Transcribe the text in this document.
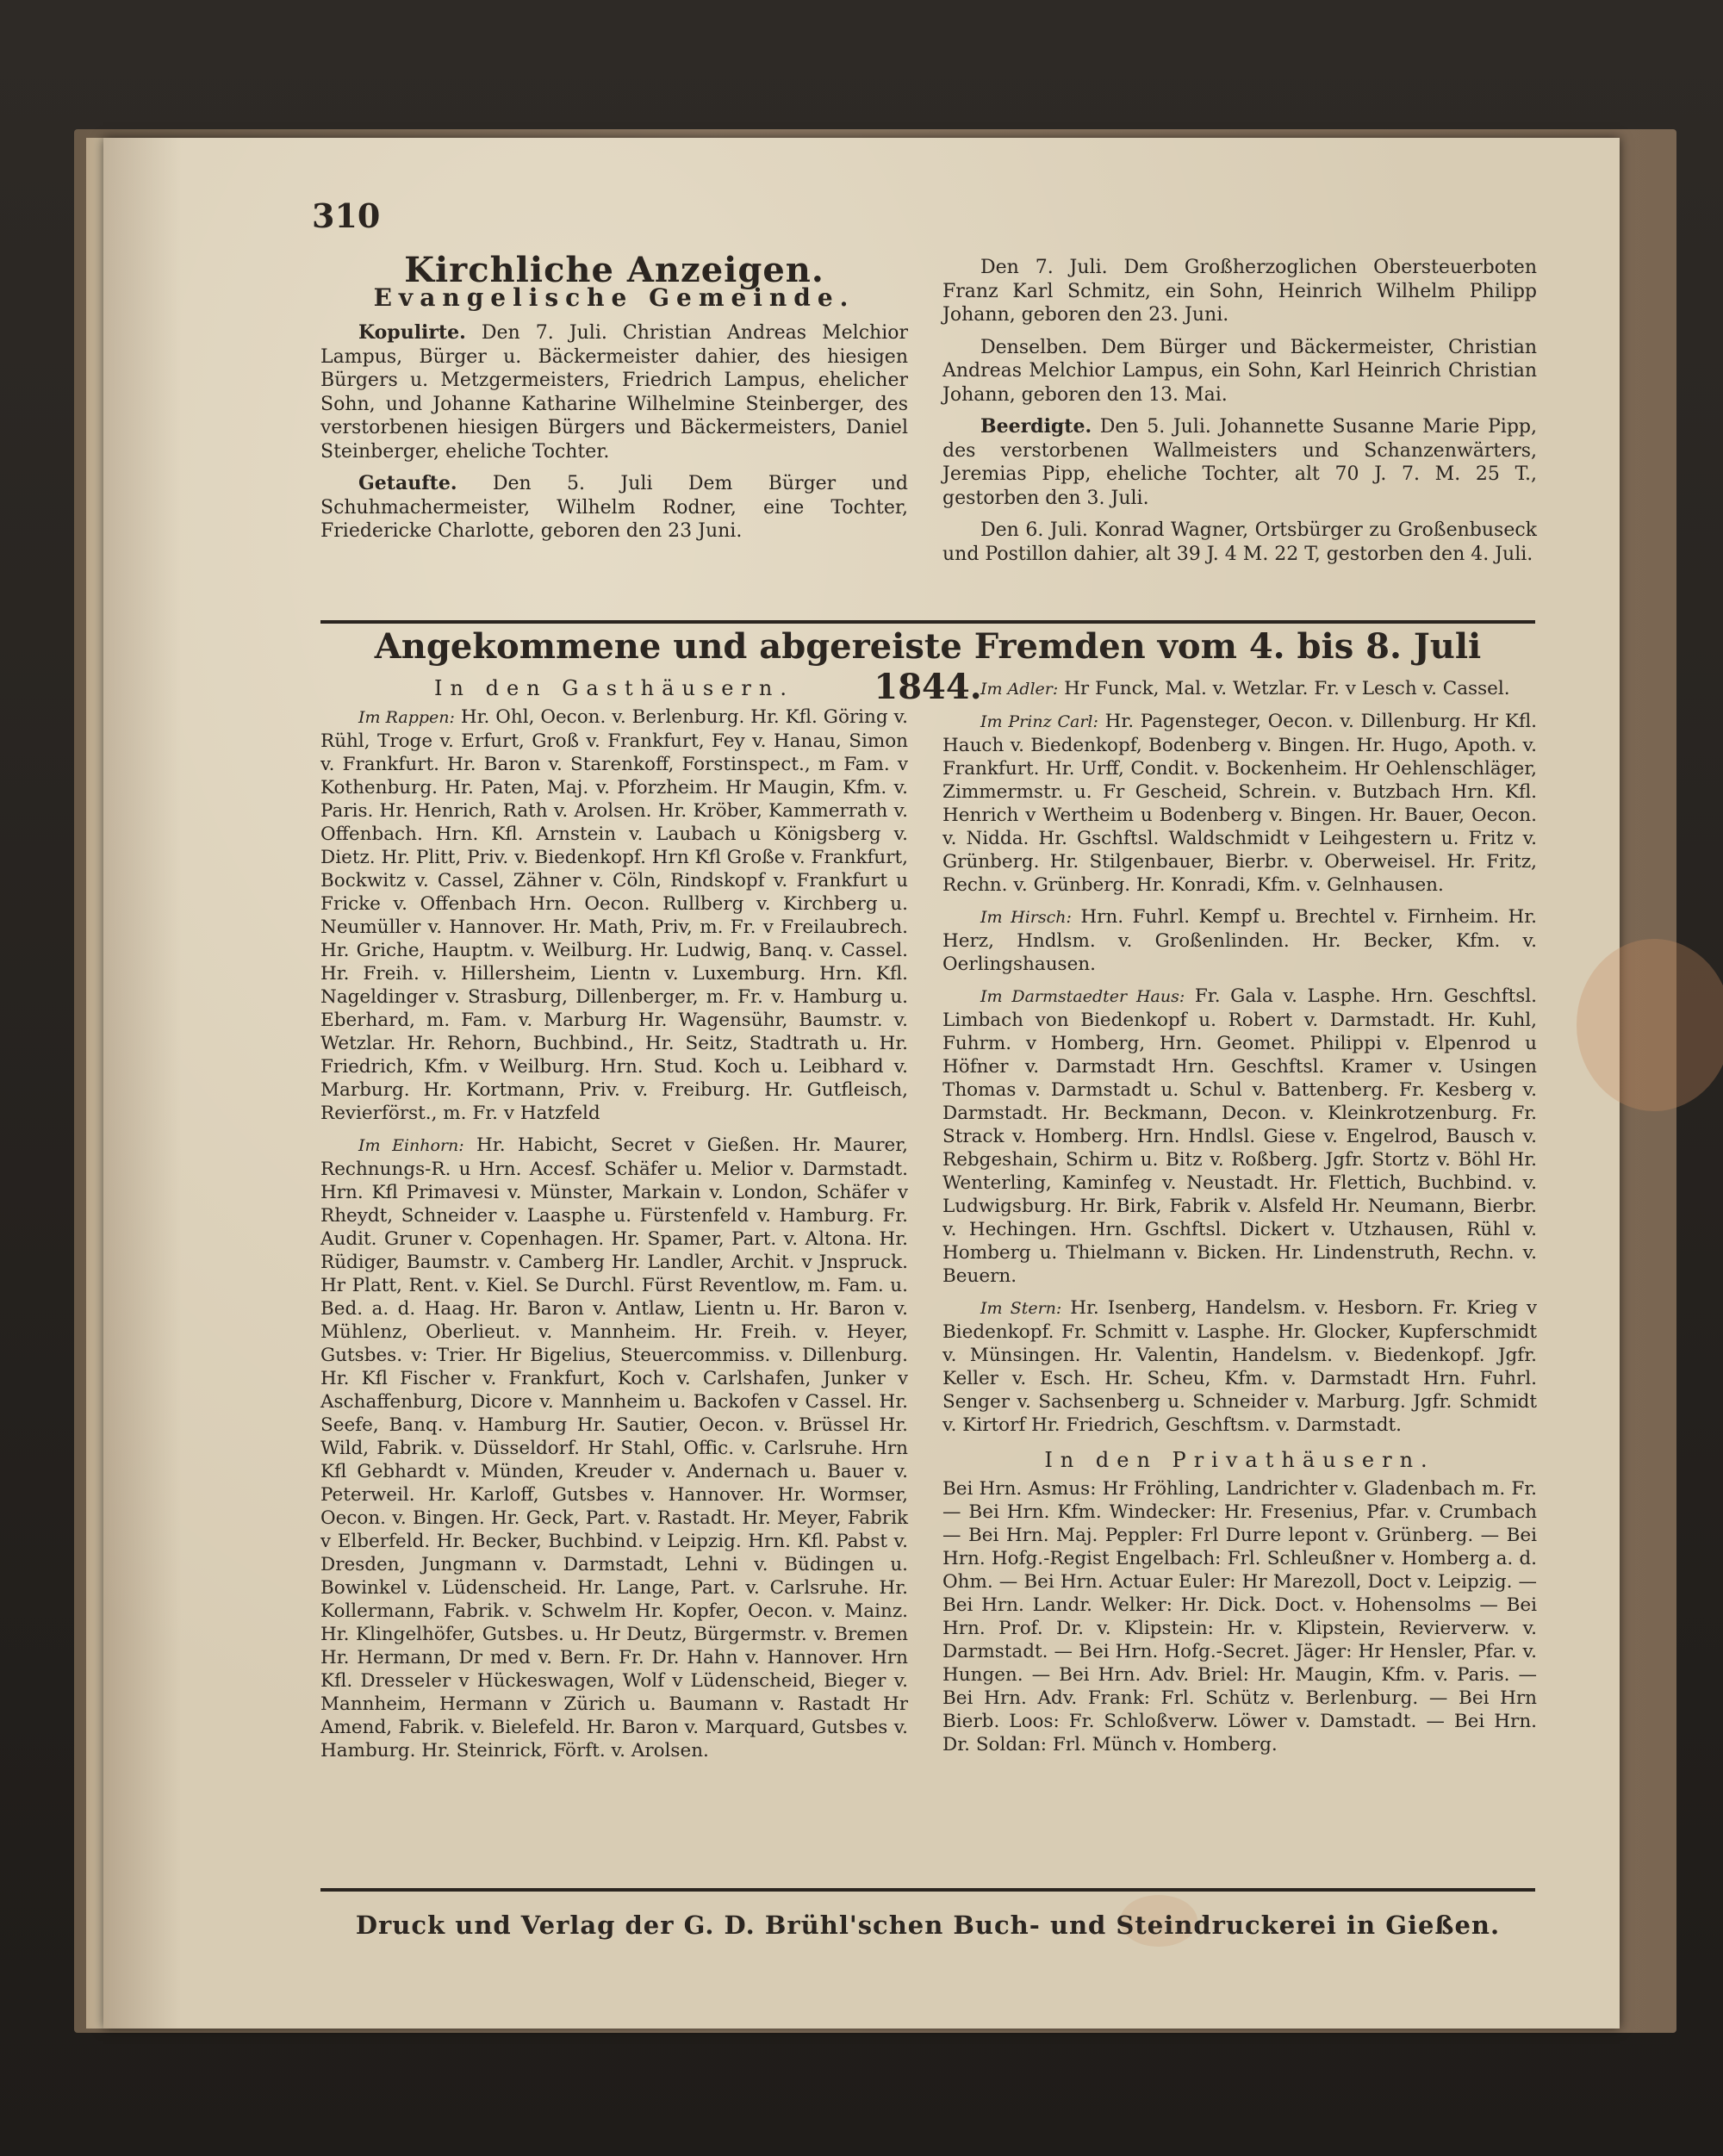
310
Kirchliche Anzeigen.
Evangelische Gemeinde.

Kopulirte. Den 7. Juli. Christian Andreas Melchior Lampus, Bürger u. Bäckermeister dahier, des hiesigen Bürgers u. Metzgermeisters, Friedrich Lampus, ehelicher Sohn, und Johanne Katharine Wilhelmine Steinberger, des verstorbenen hiesigen Bürgers und Bäckermeisters, Daniel Steinberger, eheliche Tochter.

Getaufte. Den 5. Juli Dem Bürger und Schuhmachermeister, Wilhelm Rodner, eine Tochter, Friedericke Charlotte, geboren den 23 Juni.

Den 7. Juli. Dem Großherzoglichen Obersteuerboten Franz Karl Schmitz, ein Sohn, Heinrich Wilhelm Philipp Johann, geboren den 23. Juni.

Denselben. Dem Bürger und Bäckermeister, Christian Andreas Melchior Lampus, ein Sohn, Karl Heinrich Christian Johann, geboren den 13. Mai.

Beerdigte. Den 5. Juli. Johannette Susanne Marie Pipp, des verstorbenen Wallmeisters und Schanzenwärters, Jeremias Pipp, eheliche Tochter, alt 70 J. 7. M. 25 T., gestorben den 3. Juli.

Den 6. Juli. Konrad Wagner, Ortsbürger zu Großenbuseck und Postillon dahier, alt 39 J. 4 M. 22 T, gestorben den 4. Juli.

Angekommene und abgereiste Fremden vom 4. bis 8. Juli 1844.
In den Gasthäusern.

Im Rappen: Hr. Ohl, Oecon. v. Berlenburg. Hr. Kfl. Göring v. Rühl, Troge v. Erfurt, Groß v. Frankfurt, Fey v. Hanau, Simon v. Frankfurt. Hr. Baron v. Starenkoff, Forstinspect., m Fam. v Kothenburg. Hr. Paten, Maj. v. Pforzheim. Hr Maugin, Kfm. v. Paris. Hr. Henrich, Rath v. Arolsen. Hr. Kröber, Kammerrath v. Offenbach. Hrn. Kfl. Arnstein v. Laubach u Königsberg v. Dietz. Hr. Plitt, Priv. v. Biedenkopf. Hrn Kfl Große v. Frankfurt, Bockwitz v. Cassel, Zähner v. Cöln, Rindskopf v. Frankfurt u Fricke v. Offenbach Hrn. Oecon. Rullberg v. Kirchberg u. Neumüller v. Hannover. Hr. Math, Priv, m. Fr. v Freilaubrech. Hr. Griche, Hauptm. v. Weilburg. Hr. Ludwig, Banq. v. Cassel. Hr. Freih. v. Hillersheim, Lientn v. Luxemburg. Hrn. Kfl. Nageldinger v. Strasburg, Dillenberger, m. Fr. v. Hamburg u. Eberhard, m. Fam. v. Marburg Hr. Wagensühr, Baumstr. v. Wetzlar. Hr. Rehorn, Buchbind., Hr. Seitz, Stadtrath u. Hr. Friedrich, Kfm. v Weilburg. Hrn. Stud. Koch u. Leibhard v. Marburg. Hr. Kortmann, Priv. v. Freiburg. Hr. Gutfleisch, Revierförst., m. Fr. v Hatzfeld

Im Einhorn: Hr. Habicht, Secret v Gießen. Hr. Maurer, Rechnungs-R. u Hrn. Accesf. Schäfer u. Melior v. Darmstadt. Hrn. Kfl Primavesi v. Münster, Markain v. London, Schäfer v Rheydt, Schneider v. Laasphe u. Fürstenfeld v. Hamburg. Fr. Audit. Gruner v. Copenhagen. Hr. Spamer, Part. v. Altona. Hr. Rüdiger, Baumstr. v. Camberg Hr. Landler, Archit. v Jnspruck. Hr Platt, Rent. v. Kiel. Se Durchl. Fürst Reventlow, m. Fam. u. Bed. a. d. Haag. Hr. Baron v. Antlaw, Lientn u. Hr. Baron v. Mühlenz, Oberlieut. v. Mannheim. Hr. Freih. v. Heyer, Gutsbes. v: Trier. Hr Bigelius, Steuercommiss. v. Dillenburg. Hr. Kfl Fischer v. Frankfurt, Koch v. Carlshafen, Junker v Aschaffenburg, Dicore v. Mannheim u. Backofen v Cassel. Hr. Seefe, Banq. v. Hamburg Hr. Sautier, Oecon. v. Brüssel Hr. Wild, Fabrik. v. Düsseldorf. Hr Stahl, Offic. v. Carlsruhe. Hrn Kfl Gebhardt v. Münden, Kreuder v. Andernach u. Bauer v. Peterweil. Hr. Karloff, Gutsbes v. Hannover. Hr. Wormser, Oecon. v. Bingen. Hr. Geck, Part. v. Rastadt. Hr. Meyer, Fabrik v Elberfeld. Hr. Becker, Buchbind. v Leipzig. Hrn. Kfl. Pabst v. Dresden, Jungmann v. Darmstadt, Lehni v. Büdingen u. Bowinkel v. Lüdenscheid. Hr. Lange, Part. v. Carlsruhe. Hr. Kollermann, Fabrik. v. Schwelm Hr. Kopfer, Oecon. v. Mainz. Hr. Klingelhöfer, Gutsbes. u. Hr Deutz, Bürgermstr. v. Bremen Hr. Hermann, Dr med v. Bern. Fr. Dr. Hahn v. Hannover. Hrn Kfl. Dresseler v Hückeswagen, Wolf v Lüdenscheid, Bieger v. Mannheim, Hermann v Zürich u. Baumann v. Rastadt Hr Amend, Fabrik. v. Bielefeld. Hr. Baron v. Marquard, Gutsbes v. Hamburg. Hr. Steinrick, Förft. v. Arolsen.

Im Adler: Hr Funck, Mal. v. Wetzlar. Fr. v Lesch v. Cassel.

Im Prinz Carl: Hr. Pagensteger, Oecon. v. Dillenburg. Hr Kfl. Hauch v. Biedenkopf, Bodenberg v. Bingen. Hr. Hugo, Apoth. v. Frankfurt. Hr. Urff, Condit. v. Bockenheim. Hr Oehlenschläger, Zimmermstr. u. Fr Gescheid, Schrein. v. Butzbach Hrn. Kfl. Henrich v Wertheim u Bodenberg v. Bingen. Hr. Bauer, Oecon. v. Nidda. Hr. Gschftsl. Waldschmidt v Leihgestern u. Fritz v. Grünberg. Hr. Stilgenbauer, Bierbr. v. Oberweisel. Hr. Fritz, Rechn. v. Grünberg. Hr. Konradi, Kfm. v. Gelnhausen.

Im Hirsch: Hrn. Fuhrl. Kempf u. Brechtel v. Firnheim. Hr. Herz, Hndlsm. v. Großenlinden. Hr. Becker, Kfm. v. Oerlingshausen.

Im Darmstaedter Haus: Fr. Gala v. Lasphe. Hrn. Geschftsl. Limbach von Biedenkopf u. Robert v. Darmstadt. Hr. Kuhl, Fuhrm. v Homberg, Hrn. Geomet. Philippi v. Elpenrod u Höfner v. Darmstadt Hrn. Geschftsl. Kramer v. Usingen Thomas v. Darmstadt u. Schul v. Battenberg. Fr. Kesberg v. Darmstadt. Hr. Beckmann, Decon. v. Kleinkrotzenburg. Fr. Strack v. Homberg. Hrn. Hndlsl. Giese v. Engelrod, Bausch v. Rebgeshain, Schirm u. Bitz v. Roßberg. Jgfr. Stortz v. Böhl Hr. Wenterling, Kaminfeg v. Neustadt. Hr. Flettich, Buchbind. v. Ludwigsburg. Hr. Birk, Fabrik v. Alsfeld Hr. Neumann, Bierbr. v. Hechingen. Hrn. Gschftsl. Dickert v. Utzhausen, Rühl v. Homberg u. Thielmann v. Bicken. Hr. Lindenstruth, Rechn. v. Beuern.

Im Stern: Hr. Isenberg, Handelsm. v. Hesborn. Fr. Krieg v Biedenkopf. Fr. Schmitt v. Lasphe. Hr. Glocker, Kupferschmidt v. Münsingen. Hr. Valentin, Handelsm. v. Biedenkopf. Jgfr. Keller v. Esch. Hr. Scheu, Kfm. v. Darmstadt Hrn. Fuhrl. Senger v. Sachsenberg u. Schneider v. Marburg. Jgfr. Schmidt v. Kirtorf Hr. Friedrich, Geschftsm. v. Darmstadt.

In den Privathäusern.

Bei Hrn. Asmus: Hr Fröhling, Landrichter v. Gladenbach m. Fr. — Bei Hrn. Kfm. Windecker: Hr. Fresenius, Pfar. v. Crumbach — Bei Hrn. Maj. Peppler: Frl Durre lepont v. Grünberg. — Bei Hrn. Hofg.-Regist Engelbach: Frl. Schleußner v. Homberg a. d. Ohm. — Bei Hrn. Actuar Euler: Hr Marezoll, Doct v. Leipzig. — Bei Hrn. Landr. Welker: Hr. Dick. Doct. v. Hohensolms — Bei Hrn. Prof. Dr. v. Klipstein: Hr. v. Klipstein, Revierverw. v. Darmstadt. — Bei Hrn. Hofg.-Secret. Jäger: Hr Hensler, Pfar. v. Hungen. — Bei Hrn. Adv. Briel: Hr. Maugin, Kfm. v. Paris. — Bei Hrn. Adv. Frank: Frl. Schütz v. Berlenburg. — Bei Hrn Bierb. Loos: Fr. Schloßverw. Löwer v. Damstadt. — Bei Hrn. Dr. Soldan: Frl. Münch v. Homberg.

Druck und Verlag der G. D. Brühl'schen Buch- und Steindruckerei in Gießen.
